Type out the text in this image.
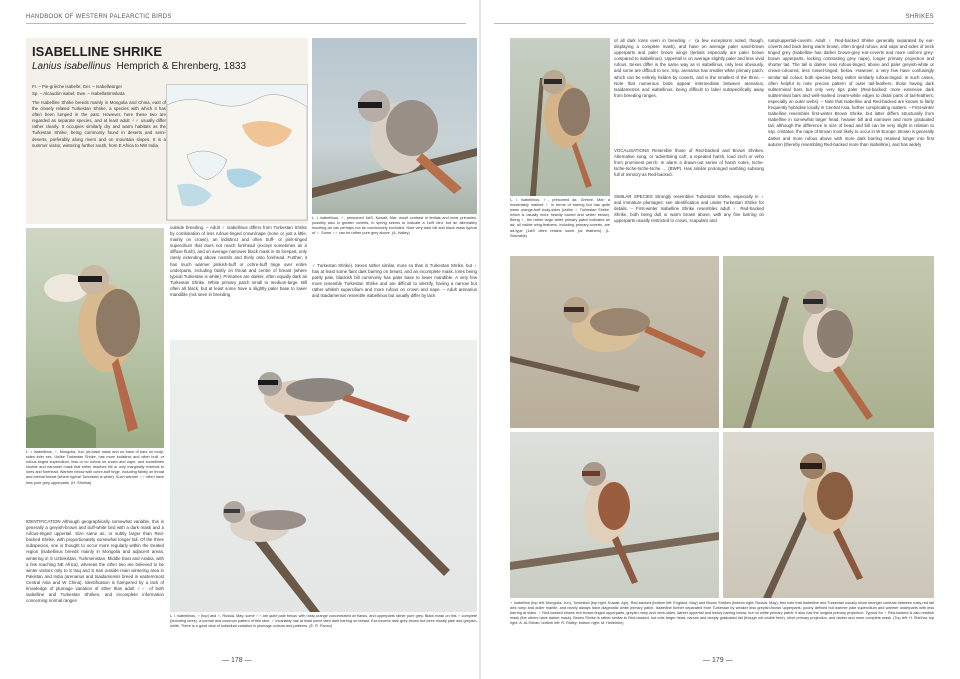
HANDBOOK OF WESTERN PALEARCTIC BIRDS	SHRIKES
ISABELLINE SHRIKE
Lanius isabellinus Hemprich & Ehrenberg, 1833
Fr. – Pie-grièche isabelle; Ger. – Isabellwürger
Sp. – Alcaudón isabel; Swe. – Isabellatörnskata
The Isabelline Shrike breeds mainly in Mongolia and China, east of the closely related Turkestan Shrike, a species with which it has often been lumped in the past. However, here these two are regarded as separate species, and at least adult ♂♂ usually differ rather clearly. It occupies similarly dry and warm habitats as the Turkestan Shrike, being commonly found in deserts and semi-deserts, preferably along rivers and on mountain slopes. It is a summer visitor, wintering further south, from E Africa to NW India.
L. i. isabellinus, ♂, presumed 1stS, Kuwait, Mar: moult contrast in tertials and inner primaries, possibly also in greater coverts, in spring seems to indicate a 1stS bird, but an alternately moulting ad can perhaps not be conclusively excluded. Note very dark bill and black mask typical of ♂. Some ♂♂ can be rather pure grey above. (A. Halley)
outside breeding. – Adult ♂ isabellinus differs from Turkestan Shrike by combination of less rufous-tinged crown/nape (none or just a little, mainly on crown), an indistinct and often buff- or pink-tinged supercilium that does not reach forehead (except sometimes as a diffuse flush), and on average narrower black mask in its forepart, only rarely extending above nostrils and thinly onto forehead. Further, it has much warmer pinkish-buff or ochre-buff tinge over entire underparts, including faintly on throat and centre of breast (where typical Turkestan is white). Primaries are darker, often equally dark as Turkestan Shrike. White primary patch small to medium-large. Bill often all black, but at least some have a slightly paler base to lower mandible (not seen in breeding
♂ Turkestan Shrike). Sexes rather similar, more so than in Turkestan Shrike, but ♀ has at least some faint dark barring on breast, and an incomplete mask, lores being partly pale, blackish bill commonly has paler base to lower mandible. A very few more resemble Turkestan Shrike and are difficult to identify, having a narrow but rather whitish supercilium and more rufous on crown and nape. – Adult arenarius and tsaidamensis resemble isabellinus but usually differ by lack
L. i. isabellinus, ♂, Mongolia, Jun: jet-black mask and no trace of bars on body-sides infer sex. Unlike Turkestan Shrike, has more indistinct and often buff- or rufous-tinged supercilium, less or no rufous on crown and nape, and sometimes shorter and narrower mask that either reaches bill or only marginally extends to lores and forehead. Warmer below with ochre-buff tinge, including faintly on throat and central breast (where typical Turkestan is white). Such warmer ♂♂ often have less pure grey upperparts. (H. Shirihai)
IDENTIFICATION Although geographically somewhat variable, this is generally a greyish-brown and buff-white bird with a dark mask and a rufous-tinged uppertail. Size same as, or subtly larger than Red-backed Shrike, with proportionately somewhat longer tail. Of the three subspecies, one is thought to occur more regularly within the treated region (isabellinus breeds mainly in Mongolia and adjacent areas, wintering in S Uzbekistan, Turkmenistan, Middle East and Arabia, with a few reaching NE Africa), whereas the other two are believed to be winter visitors only to S Iraq and S Iran outside main wintering area in Pakistan and India (arenarius and tsaidamensis breed in easternmost Central Asia and W China). Identification is hampered by a lack of knowledge of plumage variation of other than adult ♂♂ of both isabelline and Turkestan Shrikes, and incomplete information concerning normal ranges
L. i. isabellinus, ♂ (top) and ♀, Russia, May: some ♂♂ are quite pale below, with rusty-orange concentrated on flanks, and upperparts rather pure grey. Black mask on this ♂ complete (including lores), a normal and common pattern of this race. ♀ invariably has at least some faint dark barring on breast. Ear-coverts dark grey-brown but lores mostly pale and greyish-white. There is a good deal of individual variation in plumage colours and patterns. (E. R. Panov)
— 178 —
L. i. isabellinus, ♀, presumed ad, Greece, Mar: a moderately marked ♀ in terms of barring but has quite warm orange-buff body-sides (unlike ♀ Turkestan Shrike, which is usually more heavily barred and whiter below). Being ♀, the rather large white primary patch indicates an ad; all visible wing-feathers, including primary-coverts, are ad-type (1stS often retains some juv feathers). (L. Stavrakis)
of all dark lores even in breeding ♂ (a few exceptions noted, though, displaying a complete mask), and have on average paler sand-brown upperparts and paler brown wings (tertials especially are paler brown compared to isabellinus). Uppertail is on average slightly paler and less vivid rufous. Sexes differ in the same way as in isabellinus, only less obviously, and some are difficult to sex. Ssp. arenarius has smaller white primary patch, which can be entirely hidden by coverts, and is the smallest of the three. – Note that numerous birds appear intermediate between arenarius, tsaidamensis and isabellinus, being difficult to label subspecifically away from breeding ranges.
VOCALISATIONS Resemble those of Red-backed and Brown Shrikes. Alternative song, or 'advertising call', a repeated harsh, loud zech or veho from prominent perch. In alarm a drawn-out series of harsh notes, tsche-tsche-tsche-tsche-tsche … (BWP). Has similar prolonged warbling subsong full of mimicry as Red-backed.
SIMILAR SPECIES Strongly resembles Turkestan Shrike, especially in ♀ and immature plumages; see Identification and under Turkestan Shrike for details. – First-winter Isabelline Shrike resembles adult ♀ Red-backed Shrike, both being dull or warm brown above, with any fine barring on upperparts usually restricted to crown, scapulars and
rump/uppertail-coverts. Adult ♀ Red-backed Shrike generally separated by ear-coverts and back being warm brown, often tinged rufous, and nape and sides of neck tinged grey (Isabelline has darker brown-grey ear-coverts and more uniform grey-brown upperparts, lacking contrasting grey nape), longer primary projection and shorter tail. The tail is darker, less rufous-tinged, above and paler greyish-white or cream-coloured, less russet-tinged, below. However, a very few have confusingly similar tail colour, both species being rather similarly rufous-tinged. In such cases, often helpful to note precise pattern of outer tail-feathers, those having dark subterminal bars but only very tips paler (Red-backed: more extensive dark subterminal bars and well-marked cream-white edges to distal parts of tail-feathers, especially on outer webs). – Note that Isabelline and Red-backed are known to fairly frequently hybridise locally in Central Asia, further complicating matters. – First-winter Isabelline resembles first-winter Brown Shrike, but latter differs structurally from Isabelline in somewhat larger head, heavier bill and narrower and more graduated tail, although the difference in size of head and bill can be very slight in relation to ssp. cristatus; the nape of Brown most likely to occur in W Europe. Brown is generally darker and more rufous above with more dark barring retained longer into first autumn (thereby resembling Red-backed more than Isabelline), and has widely
♀ Isabelline (top left: Mongolia, Jun), Turkestan (top right: Kuwait, Apr), Red-backed (bottom left: England, May) and Brown Shrikes (bottom right: Russia, May): first note that Isabelline and Turkestan usually show stronger contrast between rusty-red tail and rump and duller mantle, and nearly always have diagnostic white primary patch. Isabelline further separated from Turkestan by weaker less greyish-brown upperparts, poorly defined but warmer pale supercilium and warmer underparts with less barring at sides. ♀ Red-backed shows rich brown-tinged upperparts, greyish rump and neck-sides, darker uppertail and heavy barring below, but no white primary patch; it also has the longest primary projection. Typical for ♀ Red-backed is also reddish mask (the others have darker mask). Brown Shrike is rather similar to Red-backed, but note larger head, narrow and deeply graduated tail (though not visible here), short primary projection, and darker and more complete mask. (Top left: H. Shirihai; top right: A. Al-Sirhan; bottom left: R. Ridley; bottom right: M. Hellström)
— 179 —
